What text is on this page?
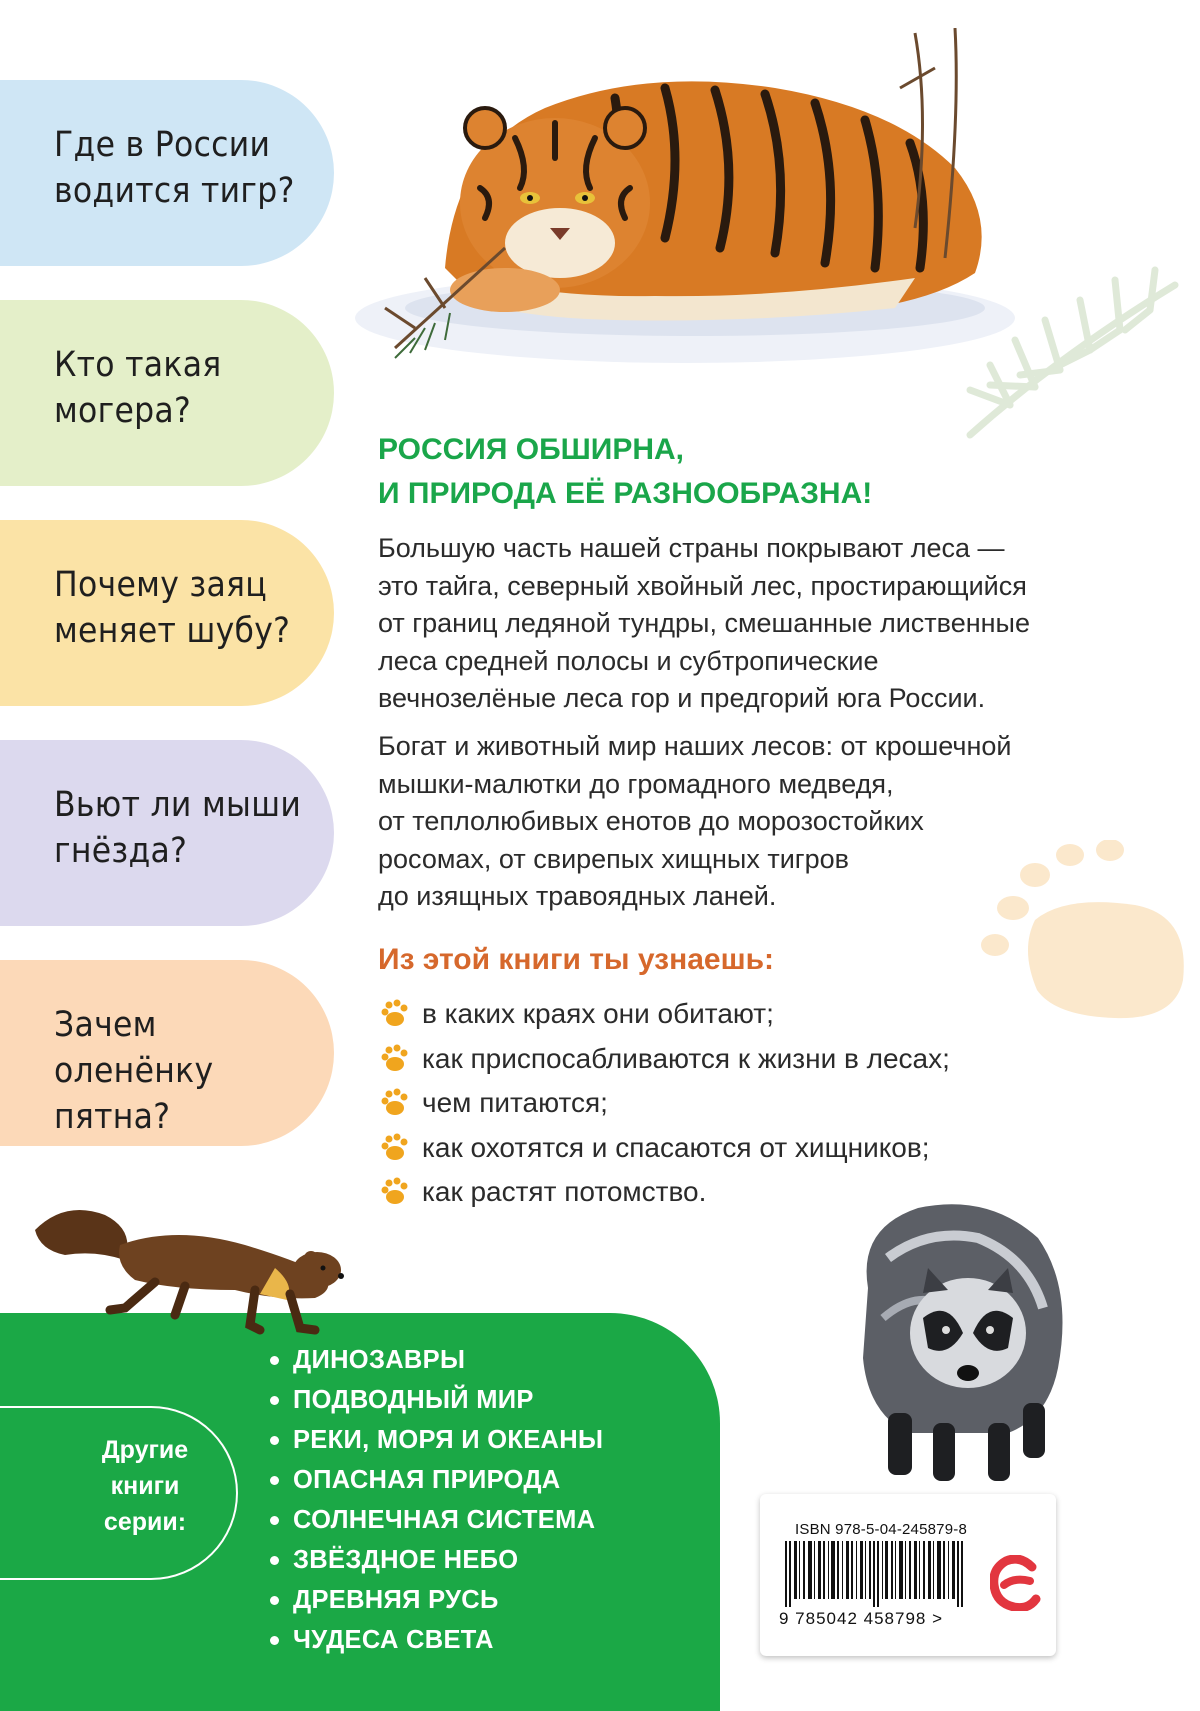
Где в России
водится тигр?
Кто такая
могера?
Почему заяц
меняет шубу?
Вьют ли мыши
гнёзда?
Зачем оленёнку
пятна?
РОССИЯ ОБШИРНА,
И ПРИРОДА ЕЁ РАЗНООБРАЗНА!
Большую часть нашей страны покрывают леса —
это тайга, северный хвойный лес, простирающийся
от границ ледяной тундры, смешанные лиственные
леса средней полосы и субтропические
вечнозелёные леса гор и предгорий юга России.
Богат и животный мир наших лесов: от крошечной
мышки-малютки до громадного медведя,
от теплолюбивых енотов до морозостойких
росомах, от свирепых хищных тигров
до изящных травоядных ланей.
Из этой книги ты узнаешь:
в каких краях они обитают;
как приспосабливаются к жизни в лесах;
чем питаются;
как охотятся и спасаются от хищников;
как растят потомство.
Другие
книги
серии:
ДИНОЗАВРЫ
ПОДВОДНЫЙ МИР
РЕКИ, МОРЯ И ОКЕАНЫ
ОПАСНАЯ ПРИРОДА
СОЛНЕЧНАЯ СИСТЕМА
ЗВЁЗДНОЕ НЕБО
ДРЕВНЯЯ РУСЬ
ЧУДЕСА СВЕТА
ISBN 978-5-04-245879-8
9 785042 458798 >
